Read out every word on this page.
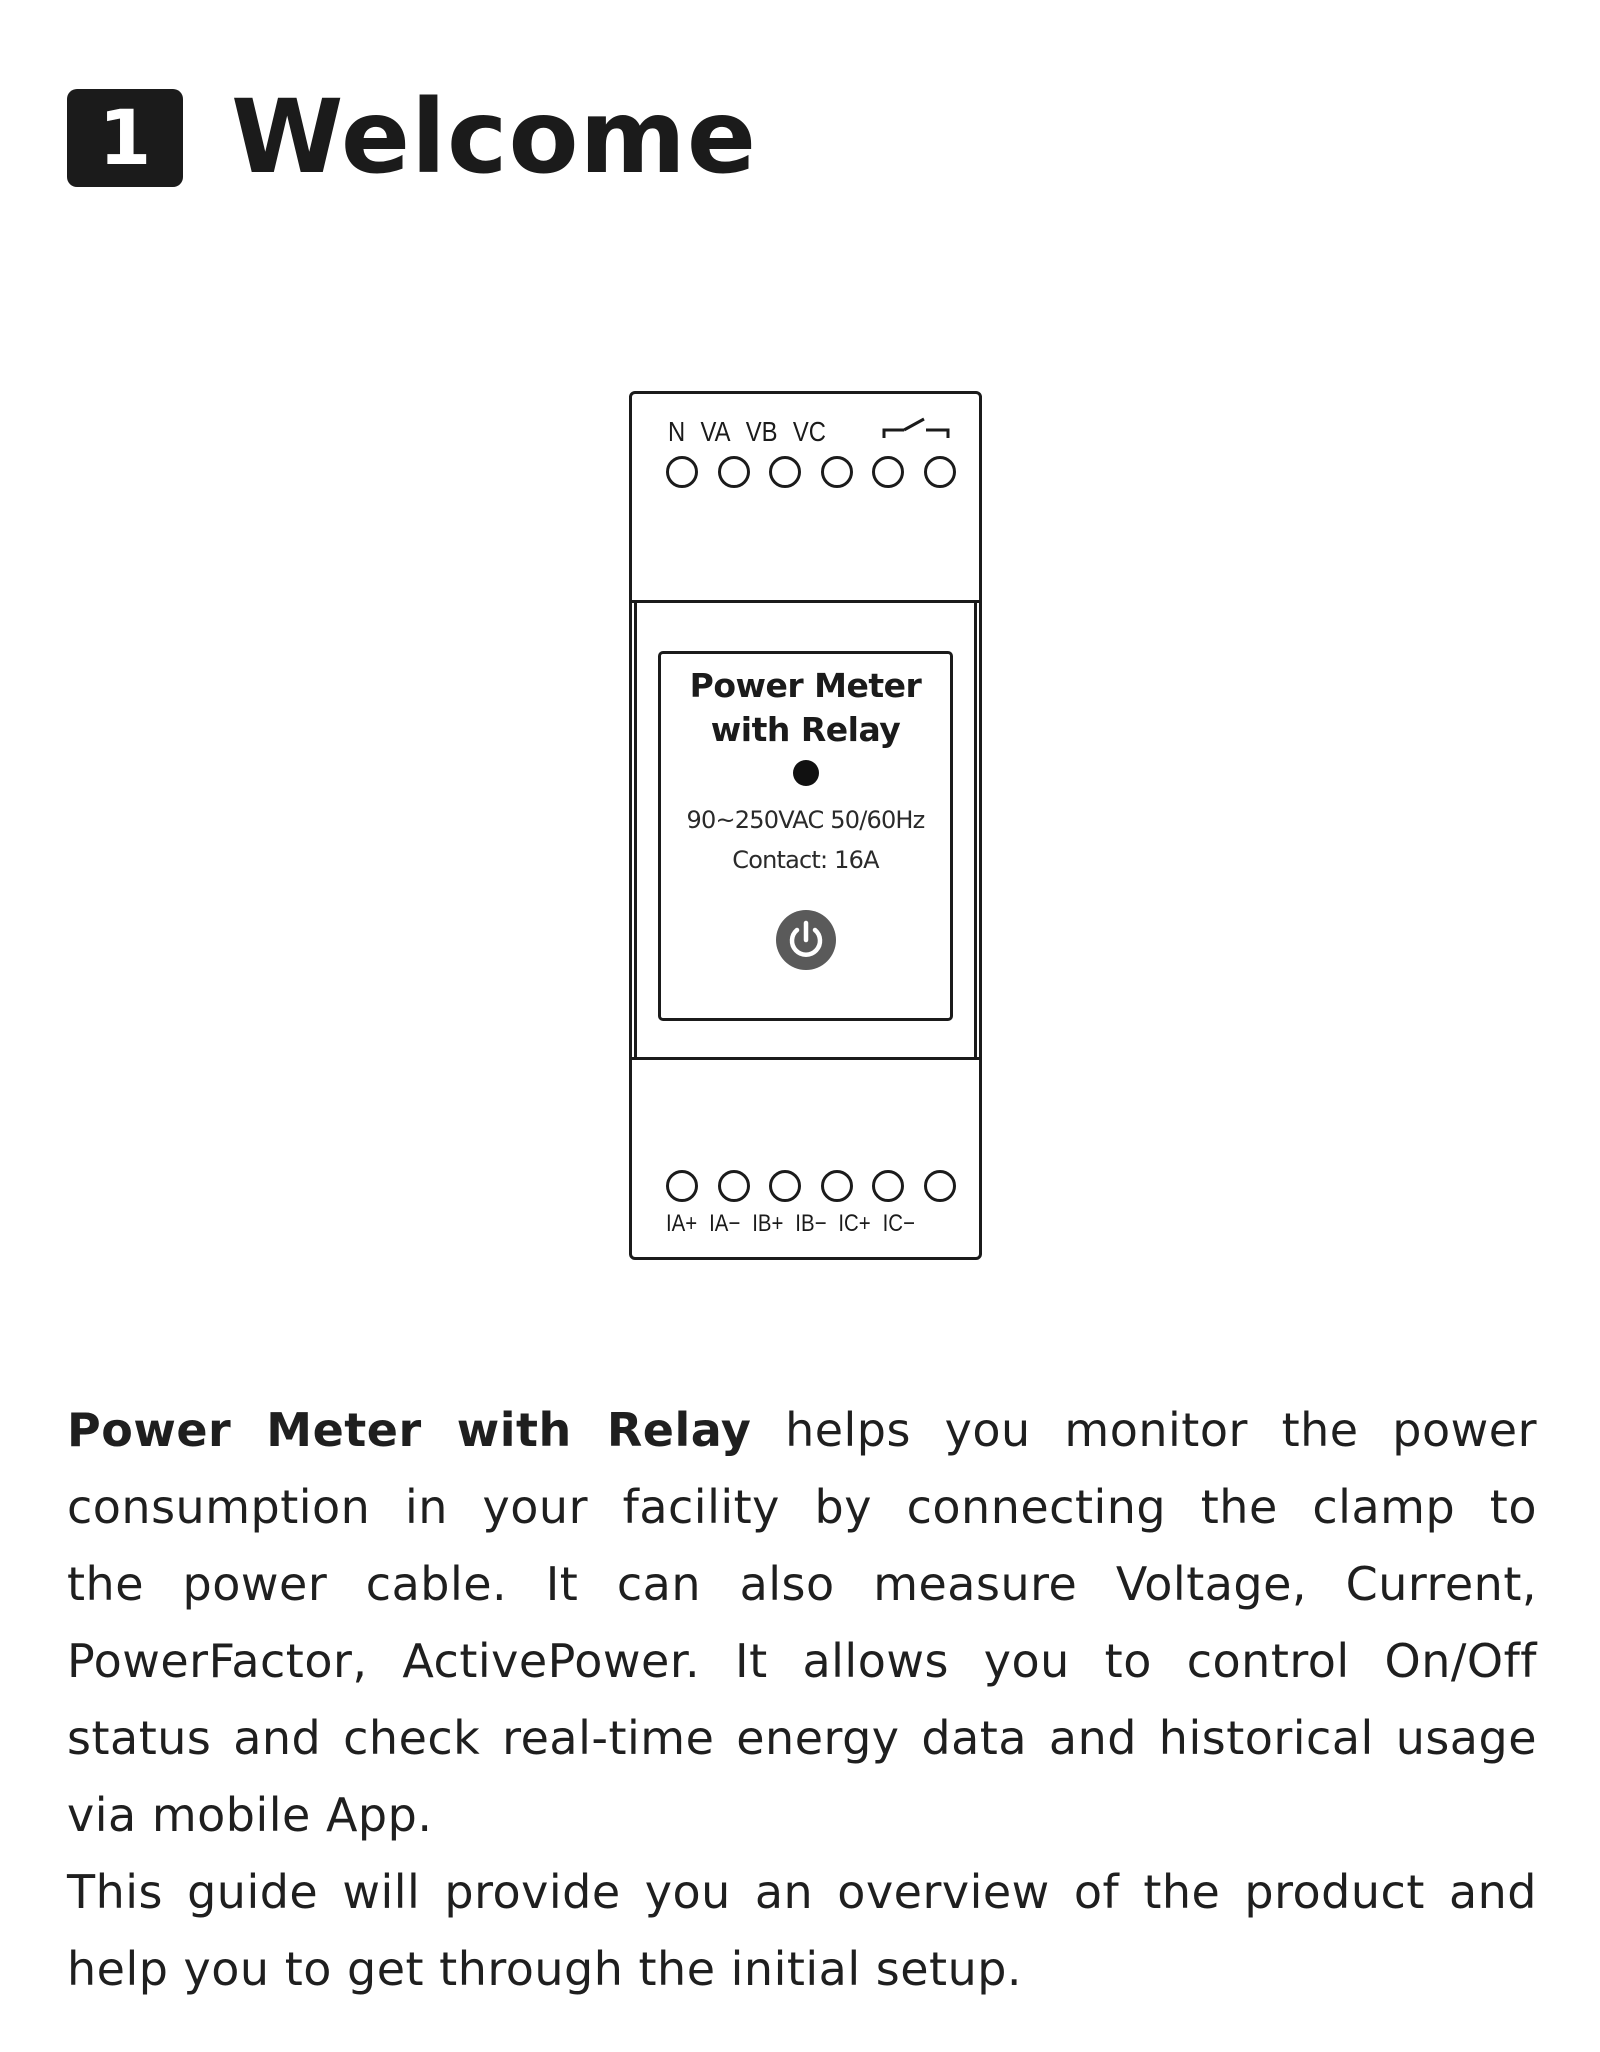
1 Welcome
N VA VB VC
Power Meter
with Relay
90~250VAC 50/60Hz
Contact: 16A
IA+ IA− IB+ IB− IC+ IC−
Power Meter with Relay helps you monitor the power
consumption in your facility by connecting the clamp to
the power cable. It can also measure Voltage, Current,
PowerFactor, ActivePower. It allows you to control On/Off
status and check real-time energy data and historical usage
via mobile App.
This guide will provide you an overview of the product and
help you to get through the initial setup.
